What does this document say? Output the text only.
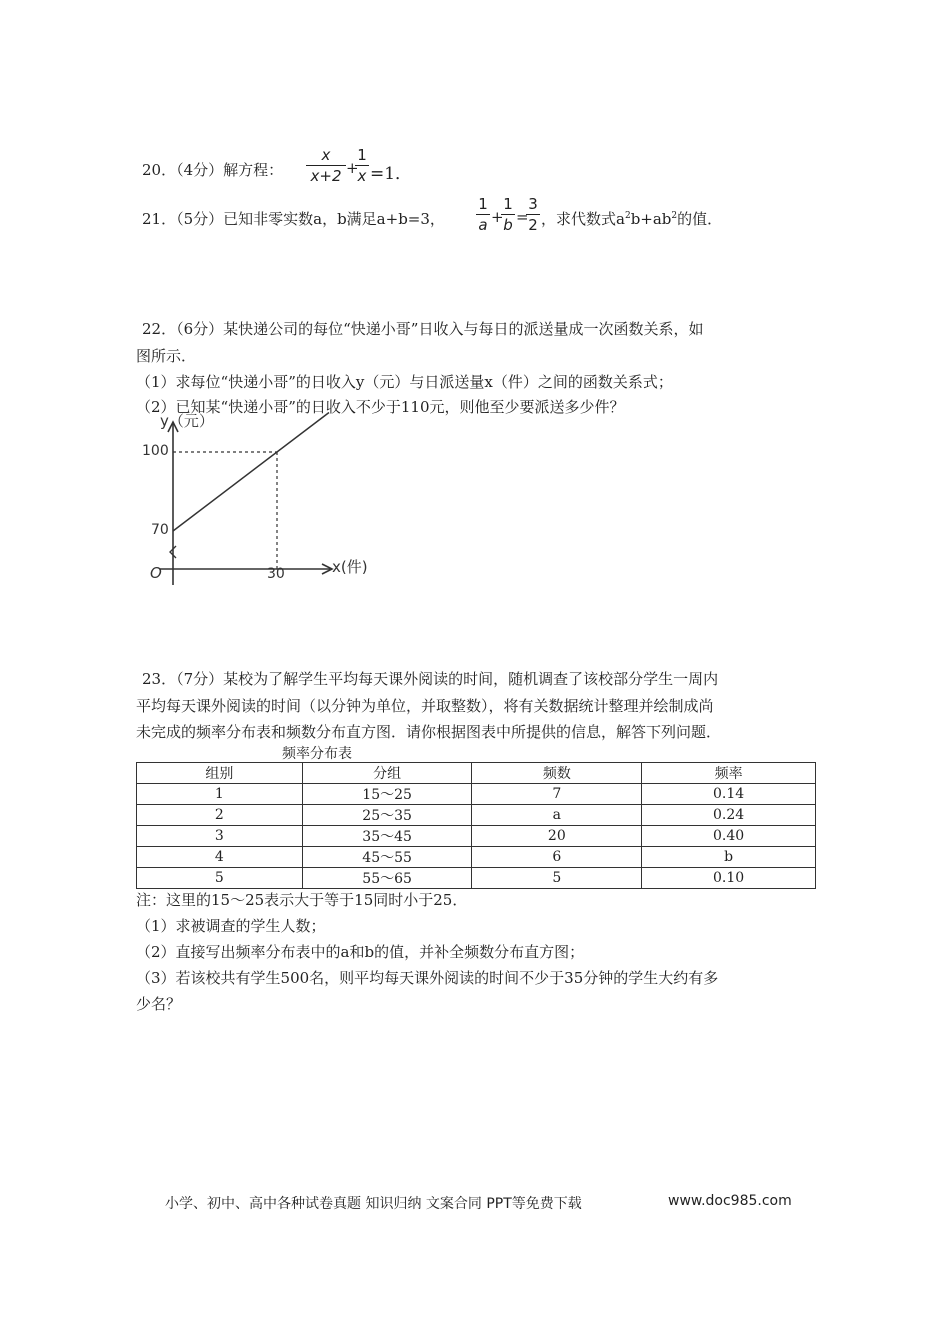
20．（4分）解方程：
x
x+2 +
1
x =1．
21．（5分）已知非零实数a，b满足a+b=3，
1
a +
1
b =
3
2 ，求代数式$a^2b+ab^2$的值．
22．（6分）某快递公司的每位“快递小哥”日收入与每日的派送量成一次函数关系，如
图所示．
（1）求每位“快递小哥”的日收入y（元）与日派送量x（件）之间的函数关系式；
（2）已知某“快递小哥”的日收入不少于110元，则他至少要派送多少件？
y（元）
100
70
O	30	x(件)
23．（7分）某校为了解学生平均每天课外阅读的时间，随机调查了该校部分学生一周内
平均每天课外阅读的时间（以分钟为单位，并取整数），将有关数据统计整理并绘制成尚
未完成的频率分布表和频数分布直方图．请你根据图表中所提供的信息，解答下列问题．
频率分布表
组别	分组	频数	频率
1	15～25	7	0.14
2	25～35	a	0.24
3	35～45	20	0.40
4	45～55	6	b
5	55～65	5	0.10
注：这里的15～25表示大于等于15同时小于25．
（1）求被调查的学生人数；
（2）直接写出频率分布表中的a和b的值，并补全频数分布直方图；
（3）若该校共有学生500名，则平均每天课外阅读的时间不少于35分钟的学生大约有多
少名？
小学、初中、高中各种试卷真题 知识归纳 文案合同 PPT等免费下载	www.doc985.com
